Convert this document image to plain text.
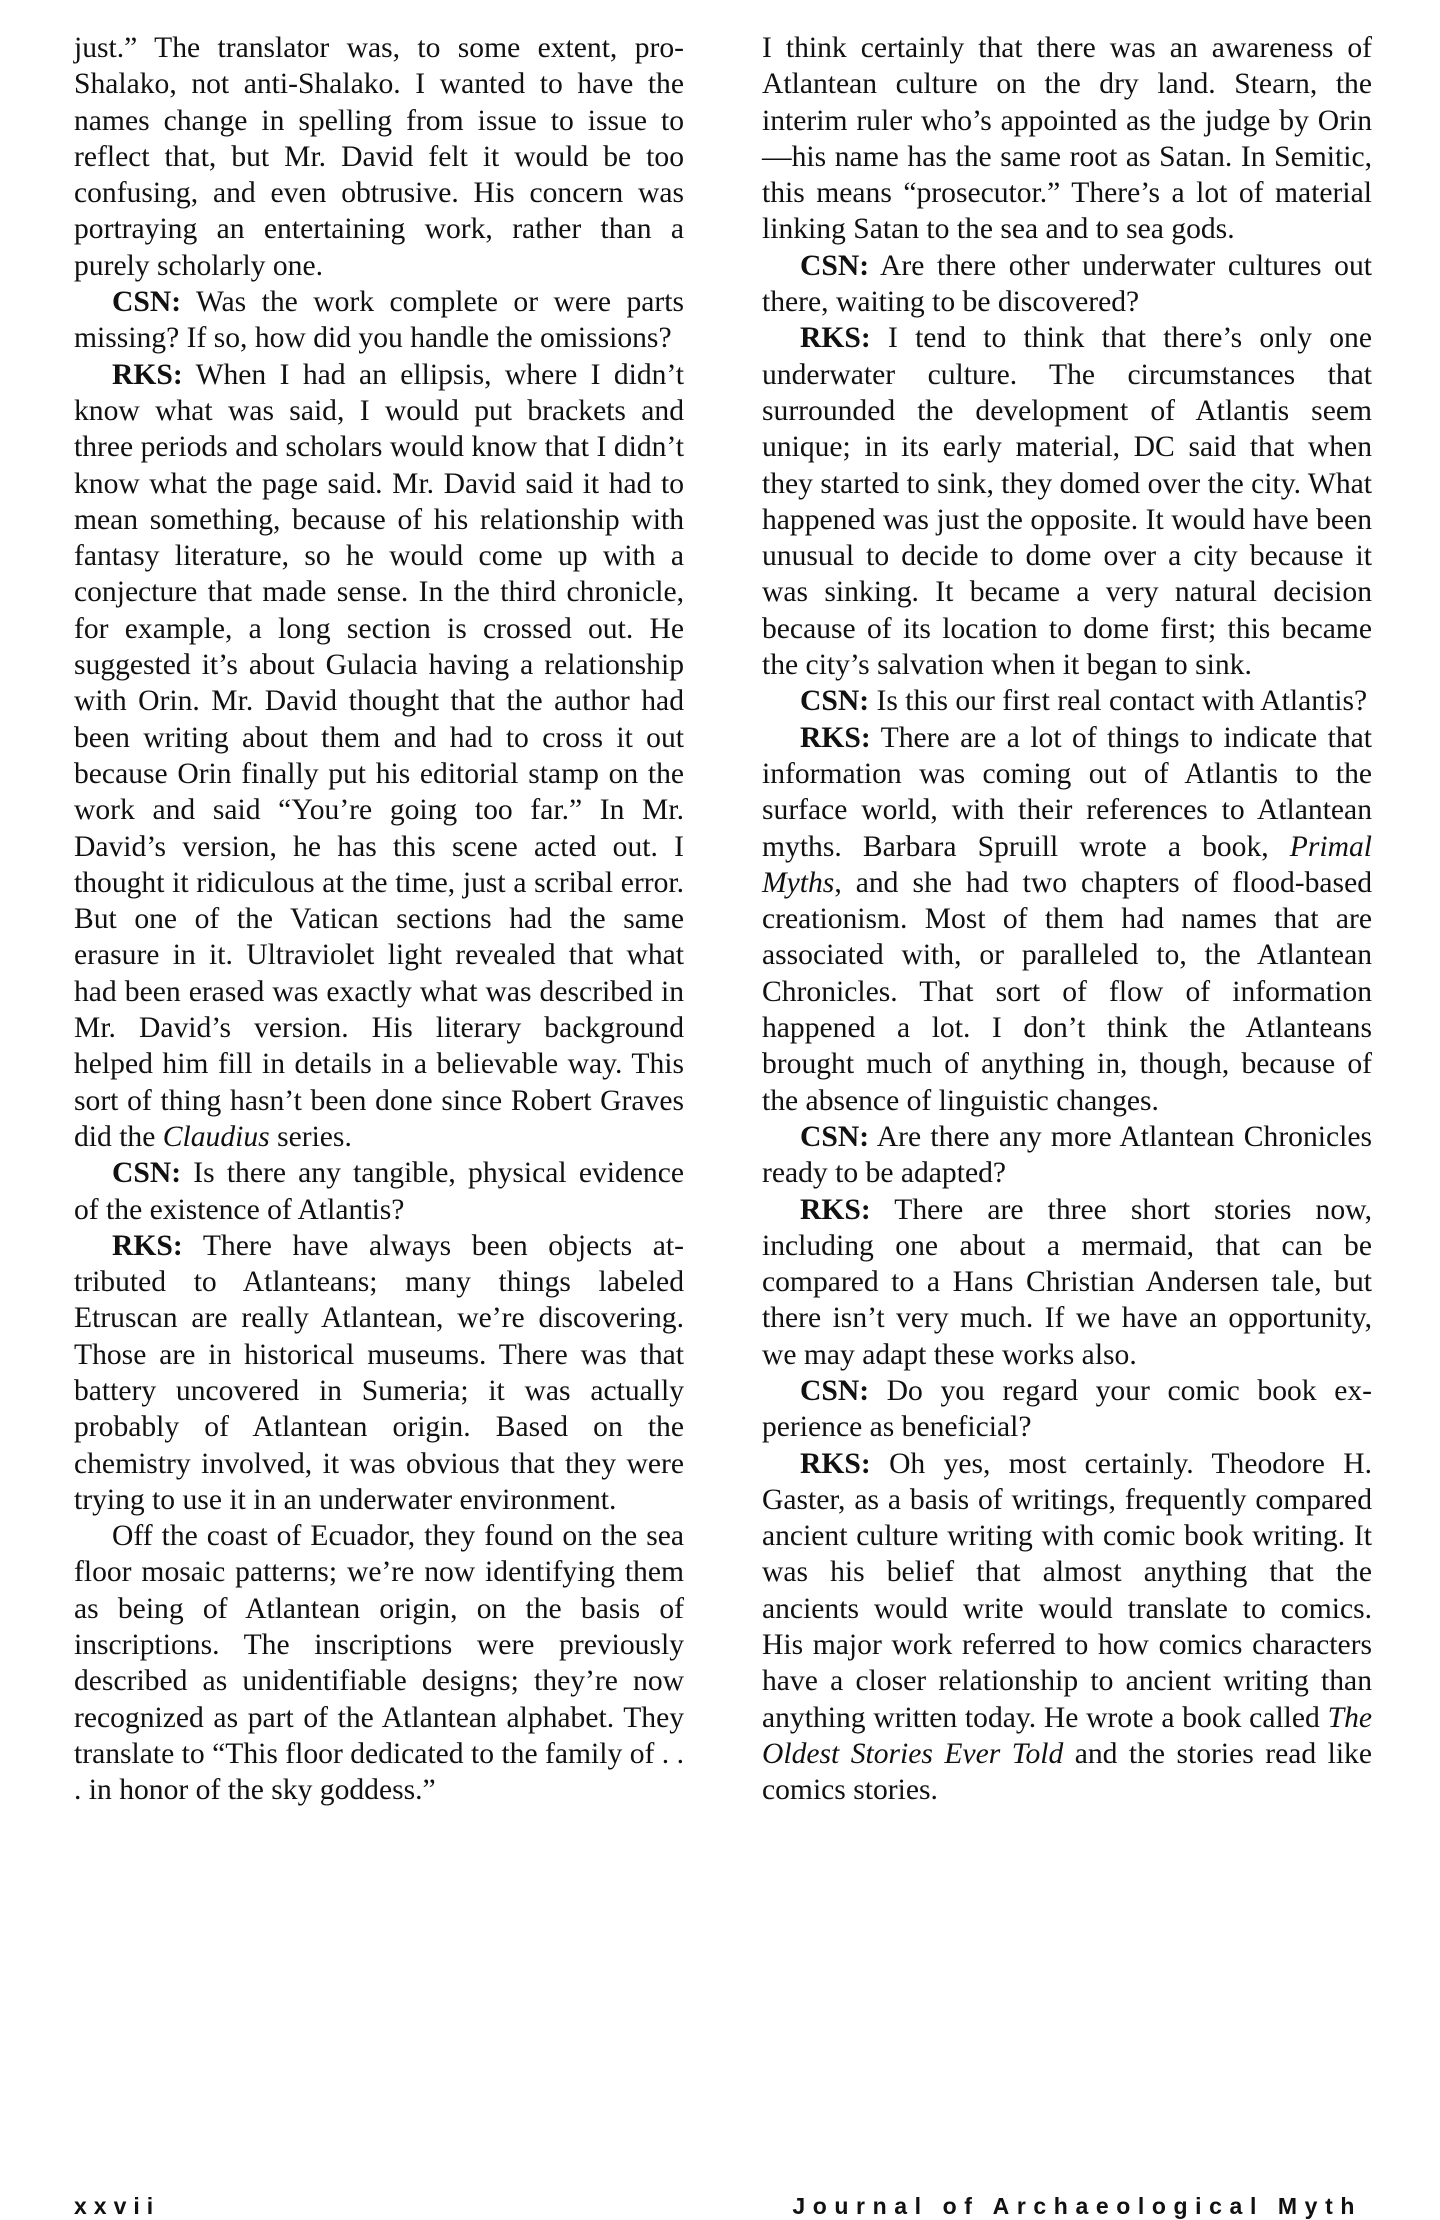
just.” The translator was, to some extent, pro-Shalako, not anti-Shalako. I wanted to have the names change in spelling from issue to issue to reflect that, but Mr. David felt it would be too confusing, and even obtrusive. His concern was portraying an entertaining work, rather than a purely scholarly one.

CSN: Was the work complete or were parts missing? If so, how did you handle the omissions?

RKS: When I had an ellipsis, where I didn’t know what was said, I would put brackets and three periods and scholars would know that I didn’t know what the page said. Mr. David said it had to mean something, because of his relationship with fantasy literature, so he would come up with a conjecture that made sense. In the third chronicle, for example, a long section is crossed out. He suggested it’s about Gulacia having a relationship with Orin. Mr. David thought that the author had been writing about them and had to cross it out because Orin finally put his editorial stamp on the work and said “You’re going too far.” In Mr. David’s version, he has this scene acted out. I thought it ridiculous at the time, just a scribal error. But one of the Vatican sections had the same erasure in it. Ultraviolet light revealed that what had been erased was exactly what was described in Mr. David’s version. His literary background helped him fill in details in a believable way. This sort of thing hasn’t been done since Robert Graves did the Claudius series.

CSN: Is there any tangible, physical evidence of the existence of Atlantis?

RKS: There have always been objects attributed to Atlanteans; many things labeled Etruscan are really Atlantean, we’re discovering. Those are in historical museums. There was that battery uncovered in Sumeria; it was actually probably of Atlantean origin. Based on the chemistry involved, it was obvious that they were trying to use it in an underwater environment.

Off the coast of Ecuador, they found on the sea floor mosaic patterns; we’re now identifying them as being of Atlantean origin, on the basis of inscriptions. The inscriptions were previously described as unidentifiable designs; they’re now recognized as part of the Atlantean alphabet. They translate to “This floor dedicated to the family of . . . in honor of the sky goddess.”

I think certainly that there was an awareness of Atlantean culture on the dry land. Stearn, the interim ruler who’s appointed as the judge by Orin—his name has the same root as Satan. In Semitic, this means “prosecutor.” There’s a lot of material linking Satan to the sea and to sea gods.

CSN: Are there other underwater cultures out there, waiting to be discovered?

RKS: I tend to think that there’s only one underwater culture. The circumstances that surrounded the development of Atlantis seem unique; in its early material, DC said that when they started to sink, they domed over the city. What happened was just the opposite. It would have been unusual to decide to dome over a city because it was sinking. It became a very natural decision because of its location to dome first; this became the city’s salvation when it began to sink.

CSN: Is this our first real contact with Atlantis?

RKS: There are a lot of things to indicate that information was coming out of Atlantis to the surface world, with their references to Atlantean myths. Barbara Spruill wrote a book, Primal Myths, and she had two chapters of flood-based creationism. Most of them had names that are associated with, or paralleled to, the Atlantean Chronicles. That sort of flow of information happened a lot. I don’t think the Atlanteans brought much of anything in, though, because of the absence of linguistic changes.

CSN: Are there any more Atlantean Chronicles ready to be adapted?

RKS: There are three short stories now, including one about a mermaid, that can be compared to a Hans Christian Andersen tale, but there isn’t very much. If we have an opportunity, we may adapt these works also.

CSN: Do you regard your comic book experience as beneficial?

RKS: Oh yes, most certainly. Theodore H. Gaster, as a basis of writings, frequently compared ancient culture writing with comic book writing. It was his belief that almost anything that the ancients would write would translate to comics. His major work referred to how comics characters have a closer relationship to ancient writing than anything written today. He wrote a book called The Oldest Stories Ever Told and the stories read like comics stories.

xxvii	Journal of Archaeological Myth
